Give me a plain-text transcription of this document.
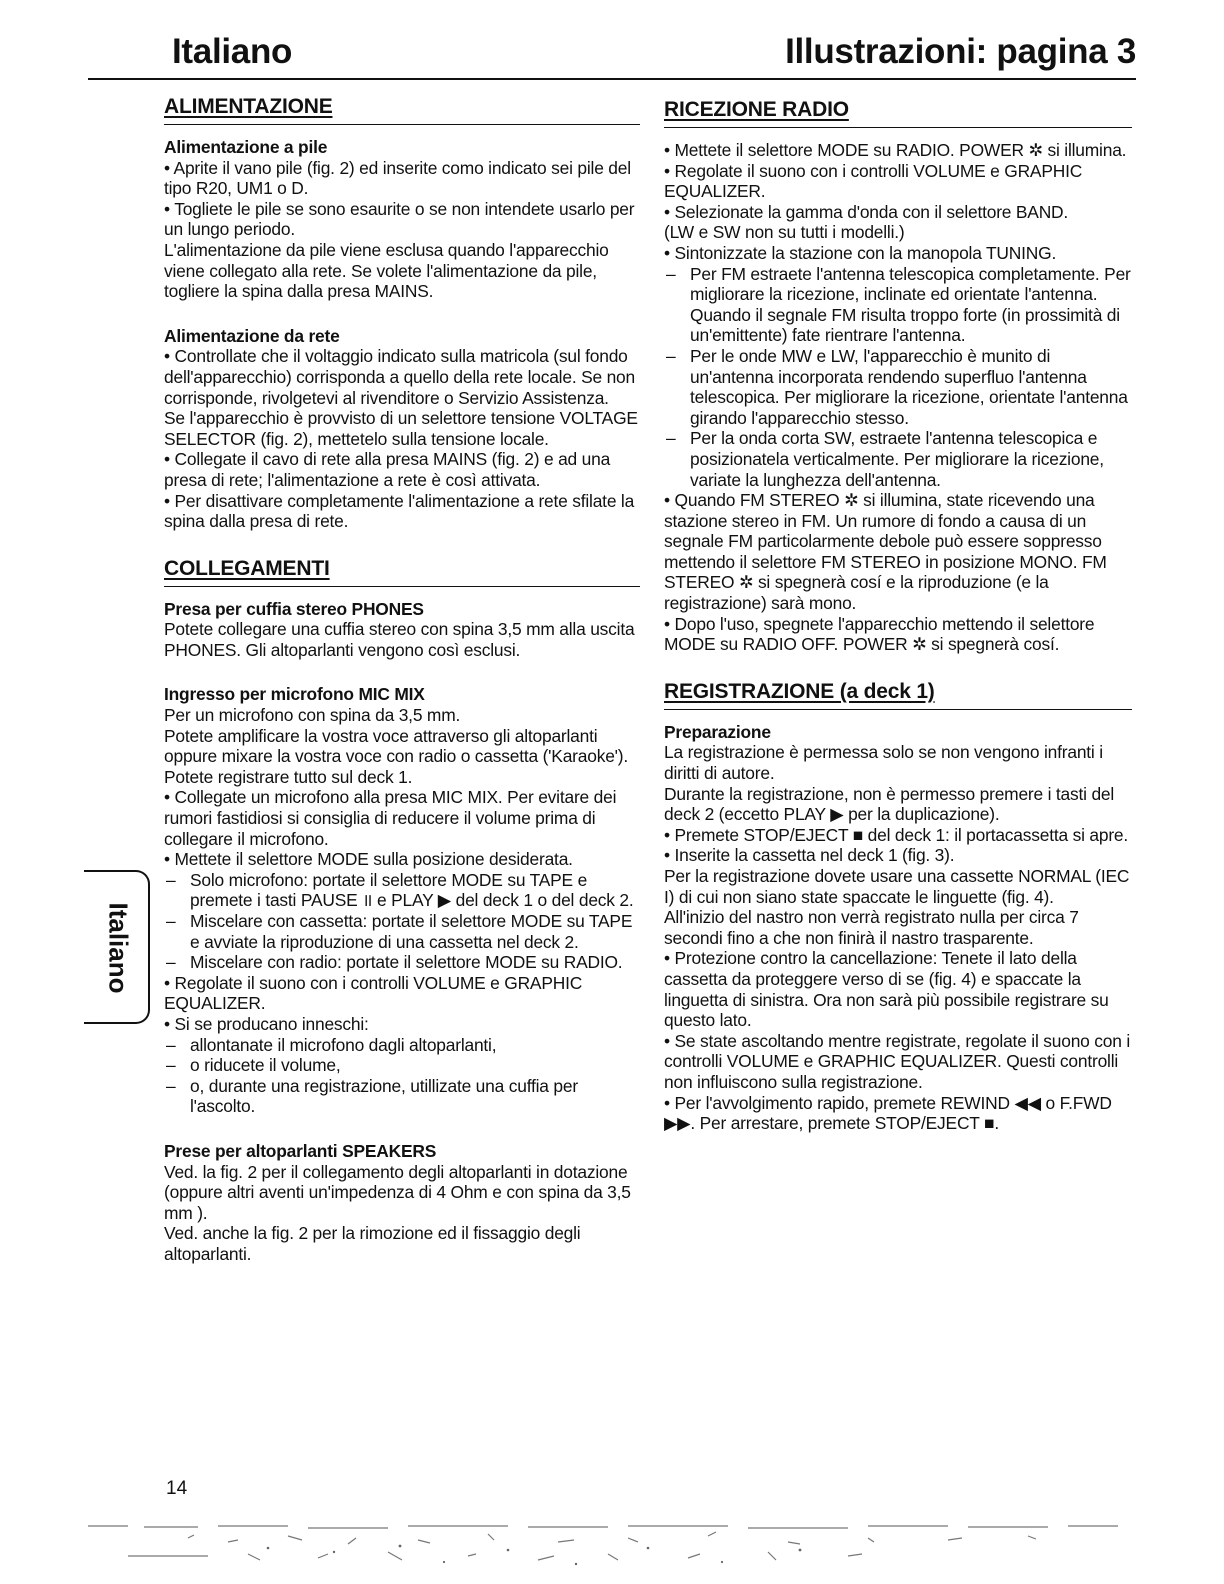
Italiano	Illustrazioni: pagina 3
ALIMENTAZIONE

Alimentazione a pile

• Aprite il vano pile (fig. 2) ed inserite como indicato sei pile del tipo R20, UM1 o D.

• Togliete le pile se sono esaurite o se non intendete usarlo per un lungo periodo.

L'alimentazione da pile viene esclusa quando l'apparecchio viene collegato alla rete. Se volete l'alimentazione da pile, togliere la spina dalla presa MAINS.

Alimentazione da rete

• Controllate che il voltaggio indicato sulla matricola (sul fondo dell'apparecchio) corrisponda a quello della rete locale. Se non corrisponde, rivolgetevi al rivenditore o Servizio Assistenza.

Se l'apparecchio è provvisto di un selettore tensione VOLTAGE SELECTOR (fig. 2), mettetelo sulla tensione locale.

• Collegate il cavo di rete alla presa MAINS (fig. 2) e ad una presa di rete; l'alimentazione a rete è così attivata.

• Per disattivare completamente l'alimentazione a rete sfilate la spina dalla presa di rete.

COLLEGAMENTI

Presa per cuffia stereo PHONES

Potete collegare una cuffia stereo con spina 3,5 mm alla uscita PHONES. Gli altoparlanti vengono così esclusi.

Ingresso per microfono MIC MIX

Per un microfono con spina da 3,5 mm.

Potete amplificare la vostra voce attraverso gli altoparlanti oppure mixare la vostra voce con radio o cassetta ('Karaoke'). Potete registrare tutto sul deck 1.

• Collegate un microfono alla presa MIC MIX. Per evitare dei rumori fastidiosi si consiglia di reducere il volume prima di collegare il microfono.

• Mettete il selettore MODE sulla posizione desiderata.

– Solo microfono: portate il selettore MODE su TAPE e premete i tasti PAUSE ॥ e PLAY ▶ del deck 1 o del deck 2.

– Miscelare con cassetta: portate il selettore MODE su TAPE e avviate la riproduzione di una cassetta nel deck 2.

– Miscelare con radio: portate il selettore MODE su RADIO.

• Regolate il suono con i controlli VOLUME e GRAPHIC EQUALIZER.

• Si se producano inneschi:

– allontanate il microfono dagli altoparlanti,

– o riducete il volume,

– o, durante una registrazione, utillizate una cuffia per l'ascolto.

Prese per altoparlanti SPEAKERS

Ved. la fig. 2 per il collegamento degli altoparlanti in dotazione (oppure altri aventi un'impedenza di 4 Ohm e con spina da 3,5 mm ).

Ved. anche la fig. 2 per la rimozione ed il fissaggio degli altoparlanti.

RICEZIONE RADIO

• Mettete il selettore MODE su RADIO. POWER ✲ si illumina.

• Regolate il suono con i controlli VOLUME e GRAPHIC EQUALIZER.

• Selezionate la gamma d'onda con il selettore BAND.

(LW e SW non su tutti i modelli.)

• Sintonizzate la stazione con la manopola TUNING.

– Per FM estraete l'antenna telescopica completamente. Per migliorare la ricezione, inclinate ed orientate l'antenna. Quando il segnale FM risulta troppo forte (in prossimità di un'emittente) fate rientrare l'antenna.

– Per le onde MW e LW, l'apparecchio è munito di un'antenna incorporata rendendo superfluo l'antenna telescopica. Per migliorare la ricezione, orientate l'antenna girando l'apparecchio stesso.

– Per la onda corta SW, estraete l'antenna telescopica e posizionatela verticalmente. Per migliorare la ricezione, variate la lunghezza dell'antenna.

• Quando FM STEREO ✲ si illumina, state ricevendo una stazione stereo in FM. Un rumore di fondo a causa di un segnale FM particolarmente debole può essere soppresso mettendo il selettore FM STEREO in posizione MONO. FM STEREO ✲ si spegnerà cosí e la riproduzione (e la registrazione) sarà mono.

• Dopo l'uso, spegnete l'apparecchio mettendo il selettore MODE su RADIO OFF. POWER ✲ si spegnerà cosí.

REGISTRAZIONE (a deck 1)

Preparazione

La registrazione è permessa solo se non vengono infranti i diritti di autore.

Durante la registrazione, non è permesso premere i tasti del deck 2 (eccetto PLAY ▶ per la duplicazione).

• Premete STOP/EJECT ■ del deck 1: il portacassetta si apre.

• Inserite la cassetta nel deck 1 (fig. 3).

Per la registrazione dovete usare una cassette NORMAL (IEC I) di cui non siano state spaccate le linguette (fig. 4).

All'inizio del nastro non verrà registrato nulla per circa 7 secondi fino a che non finirà il nastro trasparente.

• Protezione contro la cancellazione: Tenete il lato della cassetta da proteggere verso di se (fig. 4) e spaccate la linguetta di sinistra. Ora non sarà più possibile registrare su questo lato.

• Se state ascoltando mentre registrate, regolate il suono con i controlli VOLUME e GRAPHIC EQUALIZER. Questi controlli non influiscono sulla registrazione.

• Per l'avvolgimento rapido, premete REWIND ◀◀ o F.FWD ▶▶. Per arrestare, premete STOP/EJECT ■.

Italiano
14
